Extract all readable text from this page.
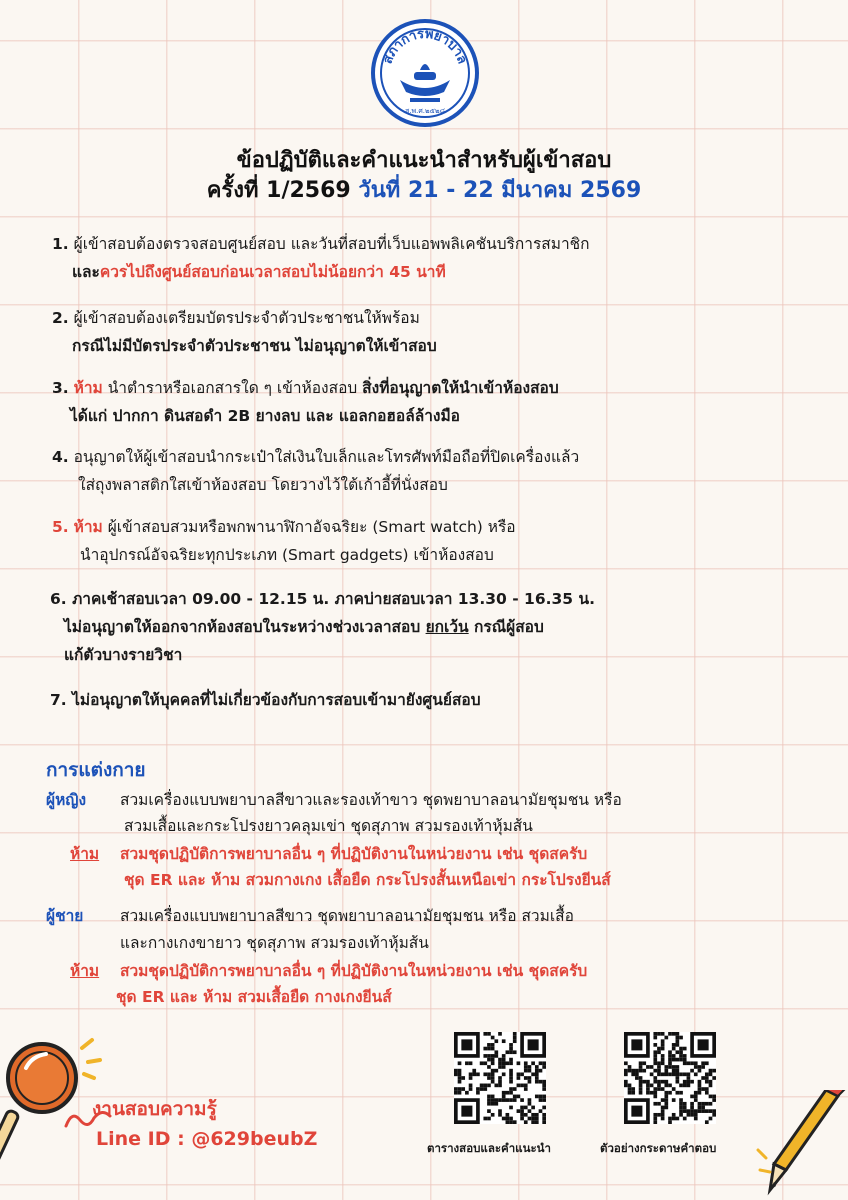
สภาการพยาบาล
ส.พ.ศ.๒๕๒๘
ข้อปฏิบัติและคำแนะนำสำหรับผู้เข้าสอบ
ครั้งที่ 1/2569 วันที่ 21 - 22 มีนาคม 2569
1. ผู้เข้าสอบต้องตรวจสอบศูนย์สอบ และวันที่สอบที่เว็บแอพพลิเคชันบริการสมาชิก
และควรไปถึงศูนย์สอบก่อนเวลาสอบไม่น้อยกว่า 45 นาที
2. ผู้เข้าสอบต้องเตรียมบัตรประจำตัวประชาชนให้พร้อม
กรณีไม่มีบัตรประจำตัวประชาชน ไม่อนุญาตให้เข้าสอบ
3. ห้าม นำตำราหรือเอกสารใด ๆ เข้าห้องสอบ สิ่งที่อนุญาตให้นำเข้าห้องสอบ
ได้แก่ ปากกา ดินสอดำ 2B ยางลบ และ แอลกอฮอล์ล้างมือ
4. อนุญาตให้ผู้เข้าสอบนำกระเป๋าใส่เงินใบเล็กและโทรศัพท์มือถือที่ปิดเครื่องแล้ว
ใส่ถุงพลาสติกใสเข้าห้องสอบ โดยวางไว้ใต้เก้าอี้ที่นั่งสอบ
5. ห้าม ผู้เข้าสอบสวมหรือพกพานาฬิกาอัจฉริยะ (Smart watch) หรือ
นำอุปกรณ์อัจฉริยะทุกประเภท (Smart gadgets) เข้าห้องสอบ
6. ภาคเช้าสอบเวลา 09.00 - 12.15 น. ภาคบ่ายสอบเวลา 13.30 - 16.35 น.
ไม่อนุญาตให้ออกจากห้องสอบในระหว่างช่วงเวลาสอบ ยกเว้น กรณีผู้สอบ
แก้ตัวบางรายวิชา
7. ไม่อนุญาตให้บุคคลที่ไม่เกี่ยวข้องกับการสอบเข้ามายังศูนย์สอบ
การแต่งกาย
ผู้หญิง สวมเครื่องแบบพยาบาลสีขาวและรองเท้าขาว ชุดพยาบาลอนามัยชุมชน หรือ
สวมเสื้อและกระโปรงยาวคลุมเข่า ชุดสุภาพ สวมรองเท้าหุ้มส้น
ห้าม สวมชุดปฏิบัติการพยาบาลอื่น ๆ ที่ปฏิบัติงานในหน่วยงาน เช่น ชุดสครับ
ชุด ER และ ห้าม สวมกางเกง เสื้อยืด กระโปรงสั้นเหนือเข่า กระโปรงยีนส์
ผู้ชาย สวมเครื่องแบบพยาบาลสีขาว ชุดพยาบาลอนามัยชุมชน หรือ สวมเสื้อ
และกางเกงขายาว ชุดสุภาพ สวมรองเท้าหุ้มส้น
ห้าม สวมชุดปฏิบัติการพยาบาลอื่น ๆ ที่ปฏิบัติงานในหน่วยงาน เช่น ชุดสครับ
ชุด ER และ ห้าม สวมเสื้อยืด กางเกงยีนส์
งานสอบความรู้
Line ID : @629beubZ	ตารางสอบและคำแนะนำ	ตัวอย่างกระดาษคำตอบ
